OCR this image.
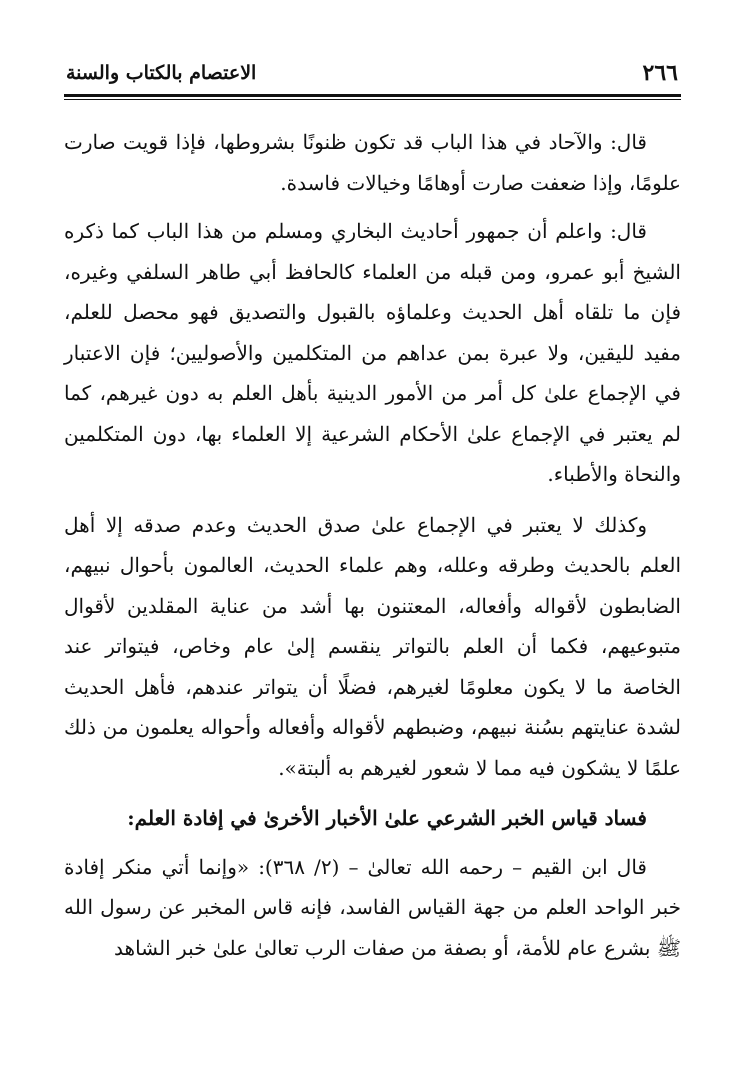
٢٦٦
الاعتصام بالكتاب والسنة

قال: والآحاد في هذا الباب قد تكون ظنونًا بشروطها، فإذا قويت صارت علومًا، وإذا ضعفت صارت أوهامًا وخيالات فاسدة.

قال: واعلم أن جمهور أحاديث البخاري ومسلم من هذا الباب كما ذكره الشيخ أبو عمرو، ومن قبله من العلماء كالحافظ أبي طاهر السلفي وغيره، فإن ما تلقاه أهل الحديث وعلماؤه بالقبول والتصديق فهو محصل للعلم، مفيد لليقين، ولا عبرة بمن عداهم من المتكلمين والأصوليين؛ فإن الاعتبار في الإجماع علىٰ كل أمر من الأمور الدينية بأهل العلم به دون غيرهم، كما لم يعتبر في الإجماع علىٰ الأحكام الشرعية إلا العلماء بها، دون المتكلمين والنحاة والأطباء.

وكذلك لا يعتبر في الإجماع علىٰ صدق الحديث وعدم صدقه إلا أهل العلم بالحديث وطرقه وعلله، وهم علماء الحديث، العالمون بأحوال نبيهم، الضابطون لأقواله وأفعاله، المعتنون بها أشد من عناية المقلدين لأقوال متبوعيهم، فكما أن العلم بالتواتر ينقسم إلىٰ عام وخاص، فيتواتر عند الخاصة ما لا يكون معلومًا لغيرهم، فضلًا أن يتواتر عندهم، فأهل الحديث لشدة عنايتهم بسُنة نبيهم، وضبطهم لأقواله وأفعاله وأحواله يعلمون من ذلك علمًا لا يشكون فيه مما لا شعور لغيرهم به ألبتة».

فساد قياس الخبر الشرعي علىٰ الأخبار الأخرىٰ في إفادة العلم:

قال ابن القيم – رحمه الله تعالىٰ – (٢/ ٣٦٨): «وإنما أتي منكر إفادة خبر الواحد العلم من جهة القياس الفاسد، فإنه قاس المخبر عن رسول الله ﷺ بشرع عام للأمة، أو بصفة من صفات الرب تعالىٰ علىٰ خبر الشاهد
